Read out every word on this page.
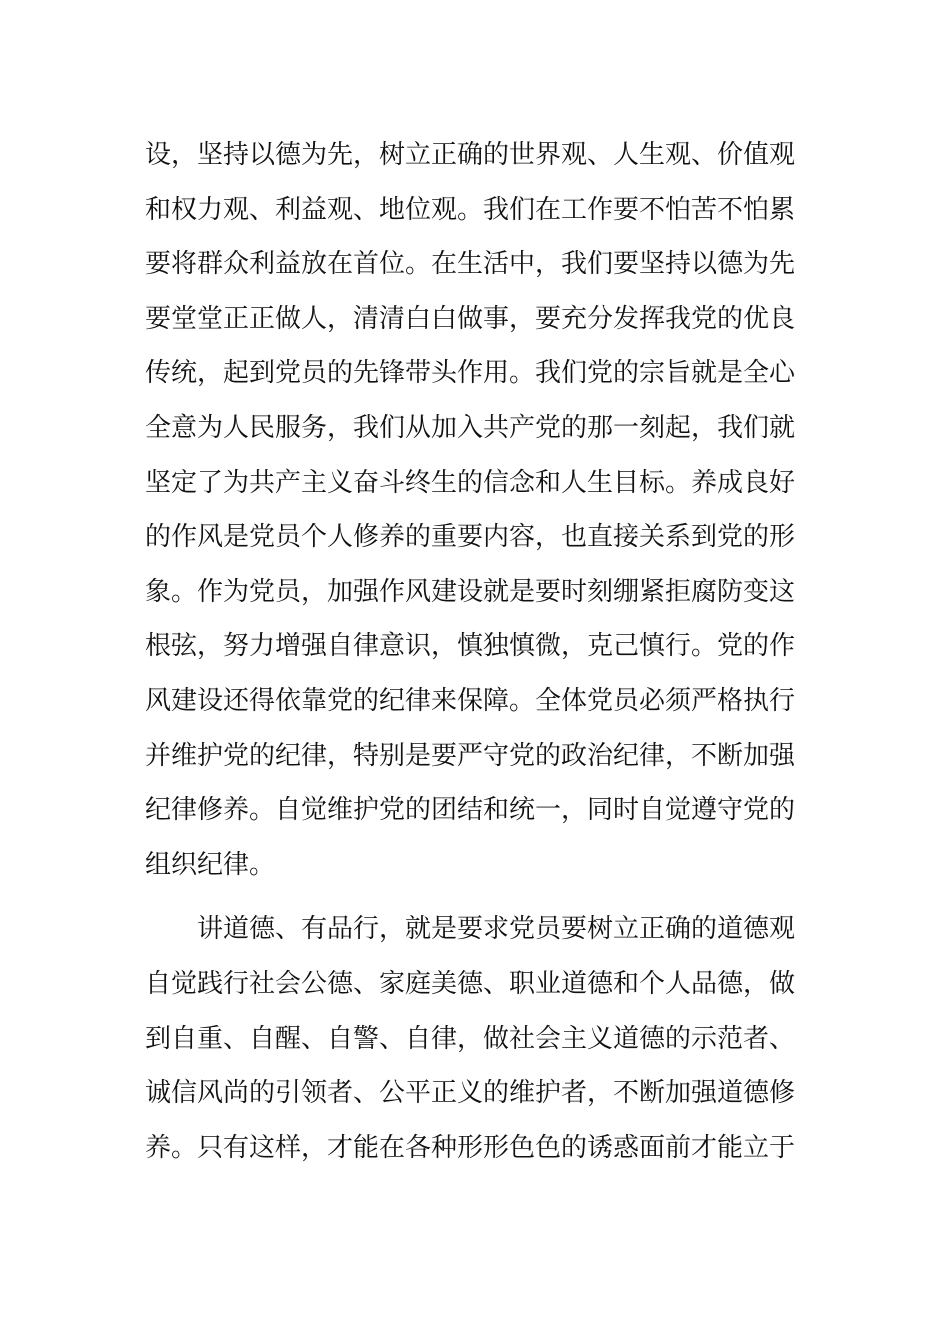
设，坚持以德为先，树立正确的世界观、人生观、价值观
和权力观、利益观、地位观。我们在工作要不怕苦不怕累
要将群众利益放在首位。在生活中，我们要坚持以德为先
要堂堂正正做人，清清白白做事，要充分发挥我党的优良
传统，起到党员的先锋带头作用。我们党的宗旨就是全心
全意为人民服务，我们从加入共产党的那一刻起，我们就
坚定了为共产主义奋斗终生的信念和人生目标。养成良好
的作风是党员个人修养的重要内容，也直接关系到党的形
象。作为党员，加强作风建设就是要时刻绷紧拒腐防变这
根弦，努力增强自律意识，慎独慎微，克己慎行。党的作
风建设还得依靠党的纪律来保障。全体党员必须严格执行
并维护党的纪律，特别是要严守党的政治纪律，不断加强
纪律修养。自觉维护党的团结和统一，同时自觉遵守党的
组织纪律。
讲道德、有品行，就是要求党员要树立正确的道德观
自觉践行社会公德、家庭美德、职业道德和个人品德，做
到自重、自醒、自警、自律，做社会主义道德的示范者、
诚信风尚的引领者、公平正义的维护者，不断加强道德修
养。只有这样，才能在各种形形色色的诱惑面前才能立于
